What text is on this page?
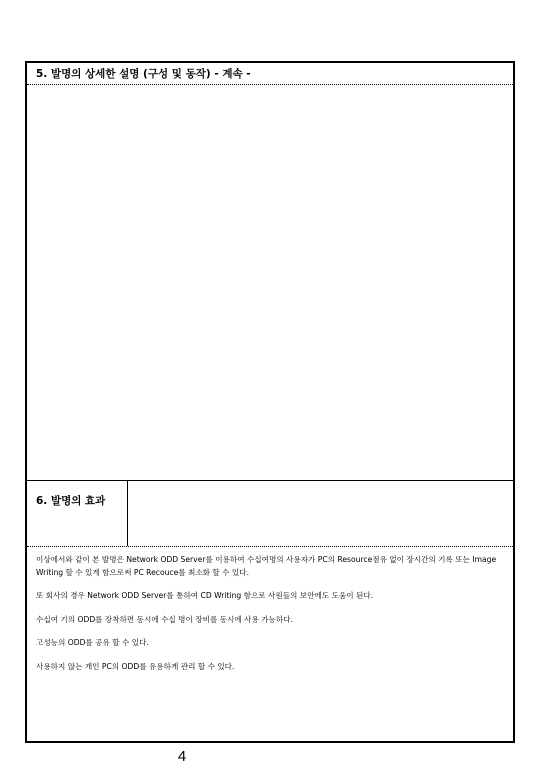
5. 발명의 상세한 설명 (구성 및 동작) - 계속 -
6. 발명의 효과

이상에서와 같이 본 발명은 Network ODD Server를 이용하여 수십여명의 사용자가 PC의 Resource점유 없이 장시간의 기록 또는 Image Writing 할 수 있게 함으로써 PC Recouce를 최소화 할 수 있다.

또 회사의 경우 Network ODD Server를 통하여 CD Writing 함으로 사원들의 보안에도 도움이 된다.

수십여 기의 ODD를 장착하면 동시에 수십 명이 장비를 동시에 사용 가능하다.

고성능의 ODD를 공유 할 수 있다.

사용하지 않는 개인 PC의 ODD를 유용하게 관리 할 수 있다.

4
